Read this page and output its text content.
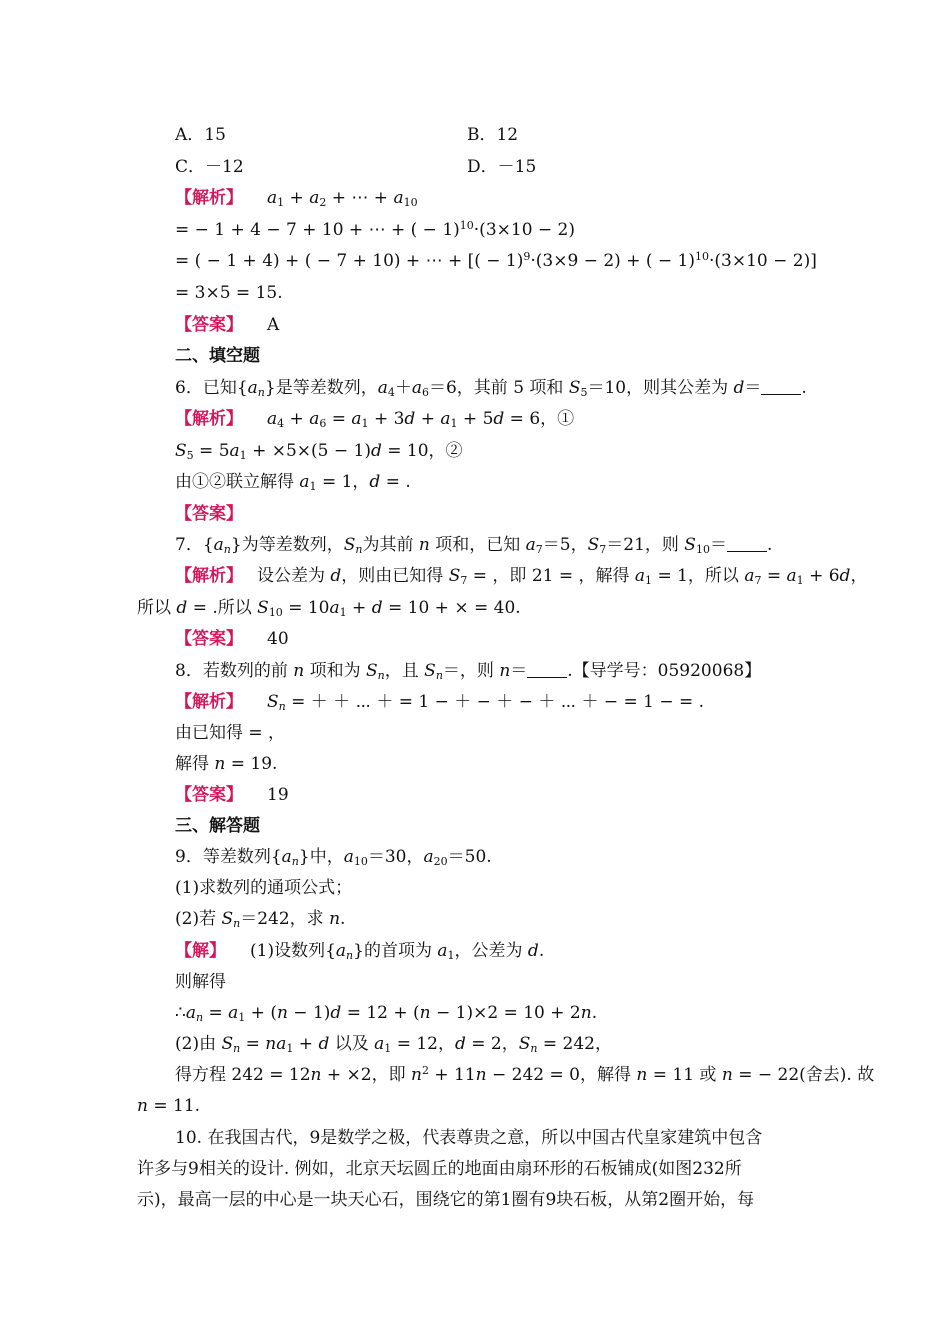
A．15	B．12
C．－12	D．－15
【解析】 $a_1 + a_2$ + ⋯ + $a_{10}$
= − 1 + 4 − 7 + 10 + ⋯ + ( − 1)$^{10}$·(3×10 − 2)
= ( − 1 + 4) + ( − 7 + 10) + ⋯ + [( − 1)$^9$·(3×9 − 2) + ( − 1)$^{10}$·(3×10 − 2)]
= 3×5 = 15.
【答案】 A
二、填空题
6．已知$\{a_n\}$是等差数列，$a_4+a_6=6$，其前 5 项和 $S_5=10$，则其公差为 d＝ .
【解析】 $a_4 + a_6 = a_1 + 3d + a_1 + 5d = 6$，①
$S_5 = 5a_1 + \times 5\times(5 - 1)d = 10$，②
由①②联立解得 $a_1 = 1$，d = .
【答案】
7．$\{a_n\}$为等差数列，$S_n$为其前 n 项和，已知 $a_7=5$，$S_7=21$，则 $S_{10}=$ .
【解析】 设公差为 d，则由已知得 $S_7$ = ，即 21 = ，解得 $a_1 = 1$，所以 $a_7 = a_1 + 6d$，
所以 d = .所以 $S_{10} = 10a_1 + d = 10$ + × = 40.
【答案】 40
8．若数列的前 n 项和为 $S_n$，且 $S_n=$，则 n＝ .【导学号：05920068】
【解析】 $S_n$ = ＋ ＋ ⋯ ＋ = 1 − ＋ − ＋ − ＋ ⋯ ＋ − = 1 − = .
由已知得 = ，
解得 n = 19.
【答案】 19
三、解答题
9．等差数列$\{a_n\}$中，$a_{10}=30$，$a_{20}=50$.
(1)求数列的通项公式；
(2)若 $S_n=242$，求 n.
【解】 (1)设数列$\{a_n\}$的首项为 $a_1$，公差为 d.
则解得
$\therefore a_n = a_1 + (n - 1)d = 12 + (n - 1)\times 2 = 10 + 2n$.
(2)由 $S_n = na_1 + d$ 以及 $a_1 = 12$，d = 2，$S_n = 242$，
得方程 242 = 12n + ×2，即 $n^2 + 11n - 242 = 0$，解得 n = 11 或 n = − 22(舍去). 故
n = 11.
10. 在我国古代，9是数学之极，代表尊贵之意，所以中国古代皇家建筑中包含
许多与9相关的设计. 例如，北京天坛圆丘的地面由扇环形的石板铺成(如图232所
示)，最高一层的中心是一块天心石，围绕它的第1圈有9块石板，从第2圈开始，每
